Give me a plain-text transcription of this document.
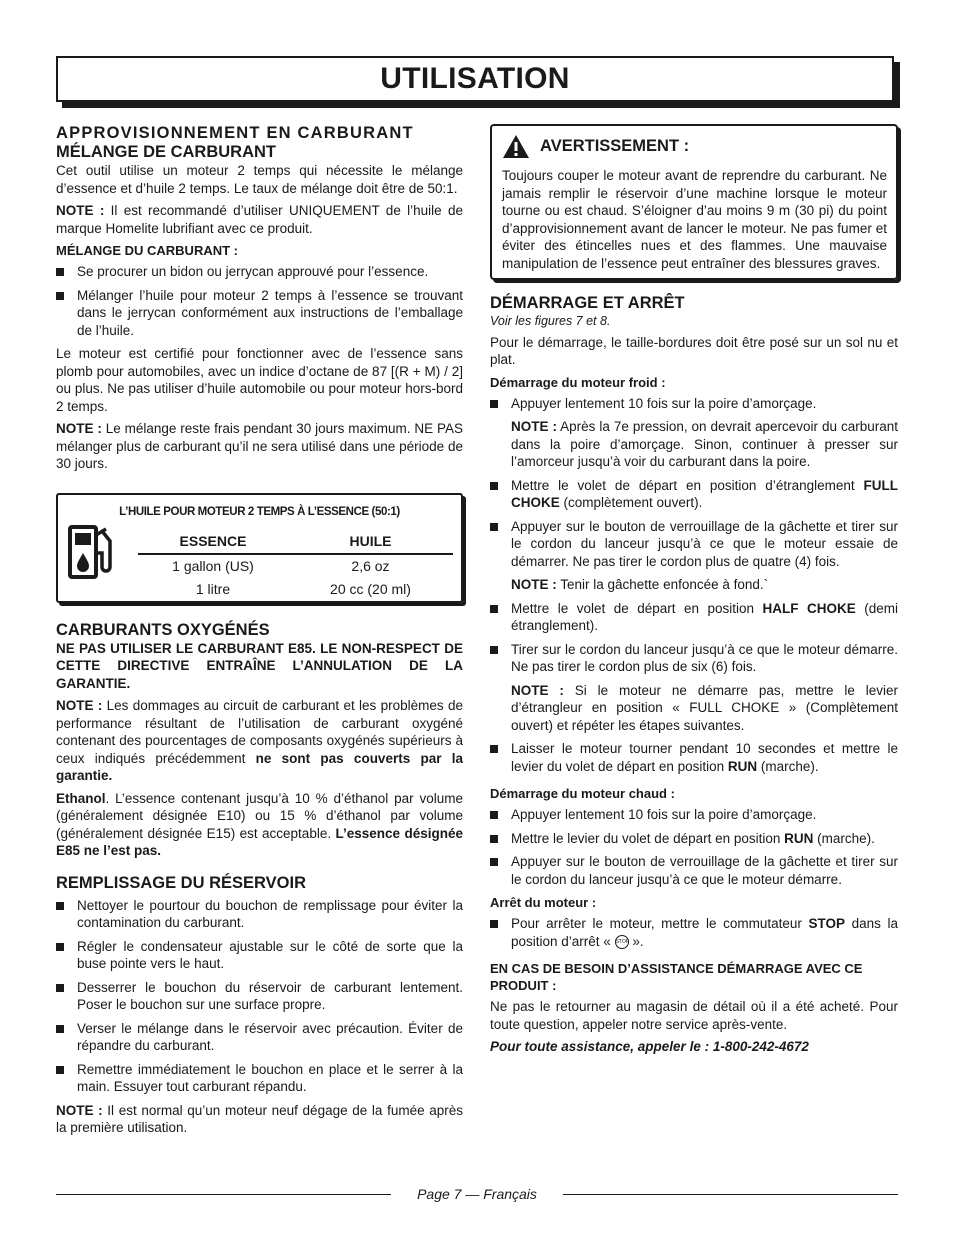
UTILISATION
APPROVISIONNEMENT EN CARBURANT
MÉLANGE DE CARBURANT

Cet outil utilise un moteur 2 temps qui nécessite le mélange d’essence et d’huile 2 temps. Le taux de mélange doit être de 50:1.

NOTE : Il est recommandé d’utiliser UNIQUEMENT de l’huile de marque Homelite lubrifiant avec ce produit.

MÉLANGE DU CARBURANT :
Se procurer un bidon ou jerrycan approuvé pour l’essence.
Mélanger l’huile pour moteur 2 temps à l’essence se trouvant dans le jerrycan conformément aux instructions de l’emballage de l’huile.

Le moteur est certifié pour fonctionner avec de l’essence sans plomb pour automobiles, avec un indice d’octane de 87 [(R + M) / 2] ou plus. Ne pas utiliser d’huile automobile ou pour moteur hors-bord 2 temps.

NOTE : Le mélange reste frais pendant 30 jours maximum. NE PAS mélanger plus de carburant qu’il ne sera utilisé dans une période de 30 jours.

L’HUILE POUR MOTEUR 2 TEMPS À L’ESSENCE (50:1)
ESSENCE	HUILE
1 gallon (US)	2,6 oz
1 litre	20 cc (20 ml)
CARBURANTS OXYGÉNÉS

NE PAS UTILISER LE CARBURANT E85. LE NON-RESPECT DE CETTE DIRECTIVE ENTRAÎNE L’ANNULATION DE LA GARANTIE.

NOTE : Les dommages au circuit de carburant et les problèmes de performance résultant de l’utilisation de carburant oxygéné contenant des pourcentages de composants oxygénés supérieurs à ceux indiqués précédemment ne sont pas couverts par la garantie.

Ethanol. L’essence contenant jusqu’à 10 % d’éthanol par volume (généralement désignée E10) ou 15 % d’éthanol par volume (généralement désignée E15) est acceptable. L’essence désignée E85 ne l’est pas.

REMPLISSAGE DU RÉSERVOIR
Nettoyer le pourtour du bouchon de remplissage pour éviter la contamination du carburant.
Régler le condensateur ajustable sur le côté de sorte que la buse pointe vers le haut.
Desserrer le bouchon du réservoir de carburant lentement. Poser le bouchon sur une surface propre.
Verser le mélange dans le réservoir avec précaution. Éviter de répandre du carburant.
Remettre immédiatement le bouchon en place et le serrer à la main. Essuyer tout carburant répandu.

NOTE : Il est normal qu’un moteur neuf dégage de la fumée après la première utilisation.

AVERTISSEMENT :

Toujours couper le moteur avant de reprendre du carburant. Ne jamais remplir le réservoir d’une machine lorsque le moteur tourne ou est chaud. S’éloigner d’au moins 9 m (30 pi) du point d’approvisionnement avant de lancer le moteur. Ne pas fumer et éviter des étincelles nues et des flammes. Une mauvaise manipulation de l’essence peut entraîner des blessures graves.

DÉMARRAGE ET ARRÊT

Voir les figures 7 et 8.

Pour le démarrage, le taille-bordures doit être posé sur un sol nu et plat.

Démarrage du moteur froid :
Appuyer lentement 10 fois sur la poire d’amorçage.

NOTE : Après la 7e pression, on devrait apercevoir du carburant dans la poire d’amorçage. Sinon, continuer à presser sur l’amorceur jusqu’à voir du carburant dans la poire.

Mettre le volet de départ en position d’étranglement FULL CHOKE (complètement ouvert).
Appuyer sur le bouton de verrouillage de la gâchette et tirer sur le cordon du lanceur jusqu’à ce que le moteur essaie de démarrer. Ne pas tirer le cordon plus de quatre (4) fois.

NOTE : Tenir la gâchette enfoncée à fond.`

Mettre le volet de départ en position HALF CHOKE (demi étranglement).
Tirer sur le cordon du lanceur jusqu’à ce que le moteur démarre. Ne pas tirer le cordon plus de six (6) fois.

NOTE : Si le moteur ne démarre pas, mettre le levier d’étrangleur en position « FULL CHOKE » (Complètement ouvert) et répéter les étapes suivantes.

Laisser le moteur tourner pendant 10 secondes et mettre le levier du volet de départ en position RUN (marche).
Démarrage du moteur chaud :
Appuyer lentement 10 fois sur la poire d’amorçage.
Mettre le levier du volet de départ en position RUN (marche).
Appuyer sur le bouton de verrouillage de la gâchette et tirer sur le cordon du lanceur jusqu’à ce que le moteur démarre.
Arrêt du moteur :
Pour arrêter le moteur, mettre le commutateur STOP dans la position d’arrêt « STOP ».
EN CAS DE BESOIN D’ASSISTANCE DÉMARRAGE AVEC CE PRODUIT :

Ne pas le retourner au magasin de détail où il a été acheté. Pour toute question, appeler notre service après-vente.

Pour toute assistance, appeler le : 1-800-242-4672

Page 7 — Français
